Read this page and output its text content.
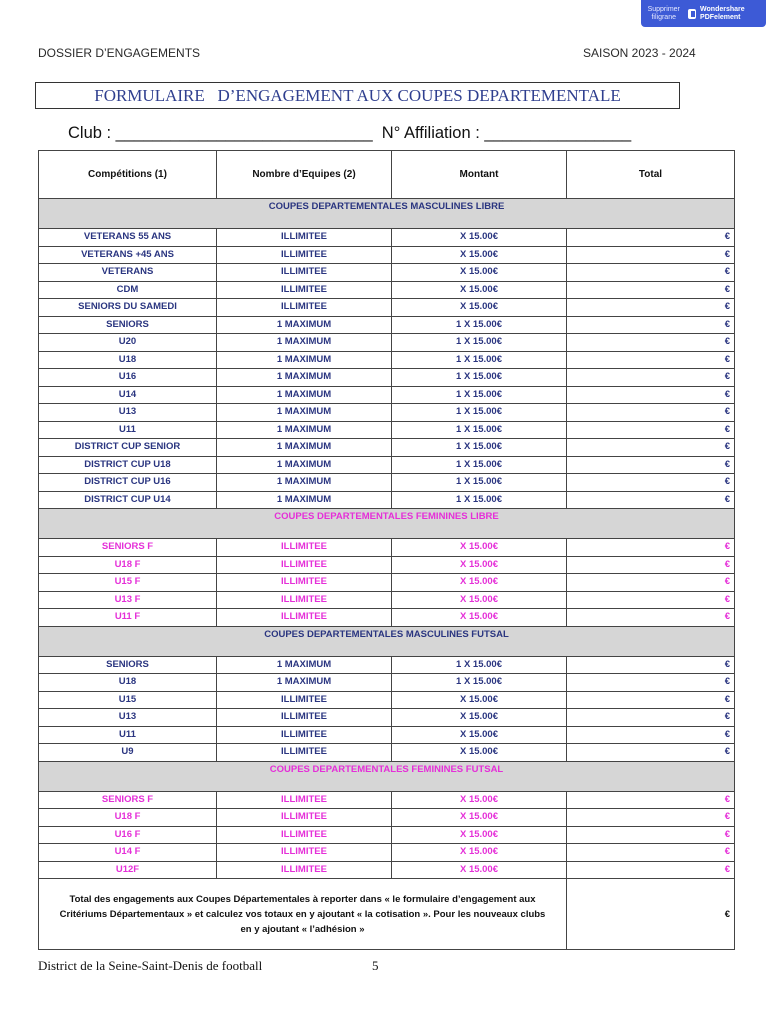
Supprimer filigrane
Wondershare PDFelement
DOSSIER D’ENGAGEMENTS	SAISON 2023 - 2024
FORMULAIRE   D’ENGAGEMENT AUX COUPES DEPARTEMENTALE
Club : ____________________________  N° Affiliation : ________________
Compétitions (1)	Nombre d’Equipes (2)	Montant	Total
COUPES DEPARTEMENTALES MASCULINES LIBRE			

VETERANS 55 ANS	ILLIMITEE	X 15.00€	€
VETERANS +45 ANS	ILLIMITEE	X 15.00€	€
VETERANS	ILLIMITEE	X 15.00€	€
CDM	ILLIMITEE	X 15.00€	€
SENIORS DU SAMEDI	ILLIMITEE	X 15.00€	€
SENIORS	1 MAXIMUM	1 X 15.00€	€
U20	1 MAXIMUM	1 X 15.00€	€
U18	1 MAXIMUM	1 X 15.00€	€
U16	1 MAXIMUM	1 X 15.00€	€
U14	1 MAXIMUM	1 X 15.00€	€
U13	1 MAXIMUM	1 X 15.00€	€
U11	1 MAXIMUM	1 X 15.00€	€
DISTRICT CUP SENIOR	1 MAXIMUM	1 X 15.00€	€
DISTRICT CUP U18	1 MAXIMUM	1 X 15.00€	€
DISTRICT CUP U16	1 MAXIMUM	1 X 15.00€	€
DISTRICT CUP U14	1 MAXIMUM	1 X 15.00€	€
COUPES DEPARTEMENTALES FEMININES LIBRE			

SENIORS F	ILLIMITEE	X 15.00€	€
U18 F	ILLIMITEE	X 15.00€	€
U15 F	ILLIMITEE	X 15.00€	€
U13 F	ILLIMITEE	X 15.00€	€
U11 F	ILLIMITEE	X 15.00€	€
COUPES DEPARTEMENTALES MASCULINES FUTSAL			

SENIORS	1 MAXIMUM	1 X 15.00€	€
U18	1 MAXIMUM	1 X 15.00€	€
U15	ILLIMITEE	X 15.00€	€
U13	ILLIMITEE	X 15.00€	€
U11	ILLIMITEE	X 15.00€	€
U9	ILLIMITEE	X 15.00€	€
COUPES DEPARTEMENTALES FEMININES FUTSAL			

SENIORS F	ILLIMITEE	X 15.00€	€
U18 F	ILLIMITEE	X 15.00€	€
U16 F	ILLIMITEE	X 15.00€	€
U14 F	ILLIMITEE	X 15.00€	€
U12F	ILLIMITEE	X 15.00€	€
Total des engagements aux Coupes Départementales à reporter dans « le formulaire d’engagement aux Critériums Départementaux » et calculez vos totaux en y ajoutant « la cotisation ». Pour les nouveaux clubs en y ajoutant « l’adhésion »			€
District de la Seine-Saint-Denis de football	5
